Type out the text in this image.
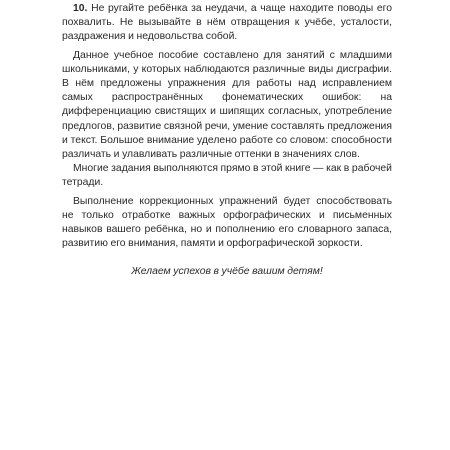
10. Не ругайте ребёнка за неудачи, а чаще находите поводы его похвалить. Не вызывайте в нём отвращения к учёбе, усталости, раздражения и недовольства собой.

Данное учебное пособие составлено для занятий с младшими школьниками, у которых наблюдаются различные виды дисграфии. В нём предложены упражнения для работы над исправлением самых распространённых фонематических ошибок: на дифференциацию свистящих и шипящих согласных, употребление предлогов, развитие связной речи, умение составлять предложения и текст. Большое внимание уделено работе со словом: способности различать и улавливать различные оттенки в значениях слов.

Многие задания выполняются прямо в этой книге — как в рабочей тетради.

Выполнение коррекционных упражнений будет способствовать не только отработке важных орфографических и письменных навыков вашего ребёнка, но и пополнению его словарного запаса, развитию его внимания, памяти и орфографической зоркости.

Желаем успехов в учёбе вашим детям!
